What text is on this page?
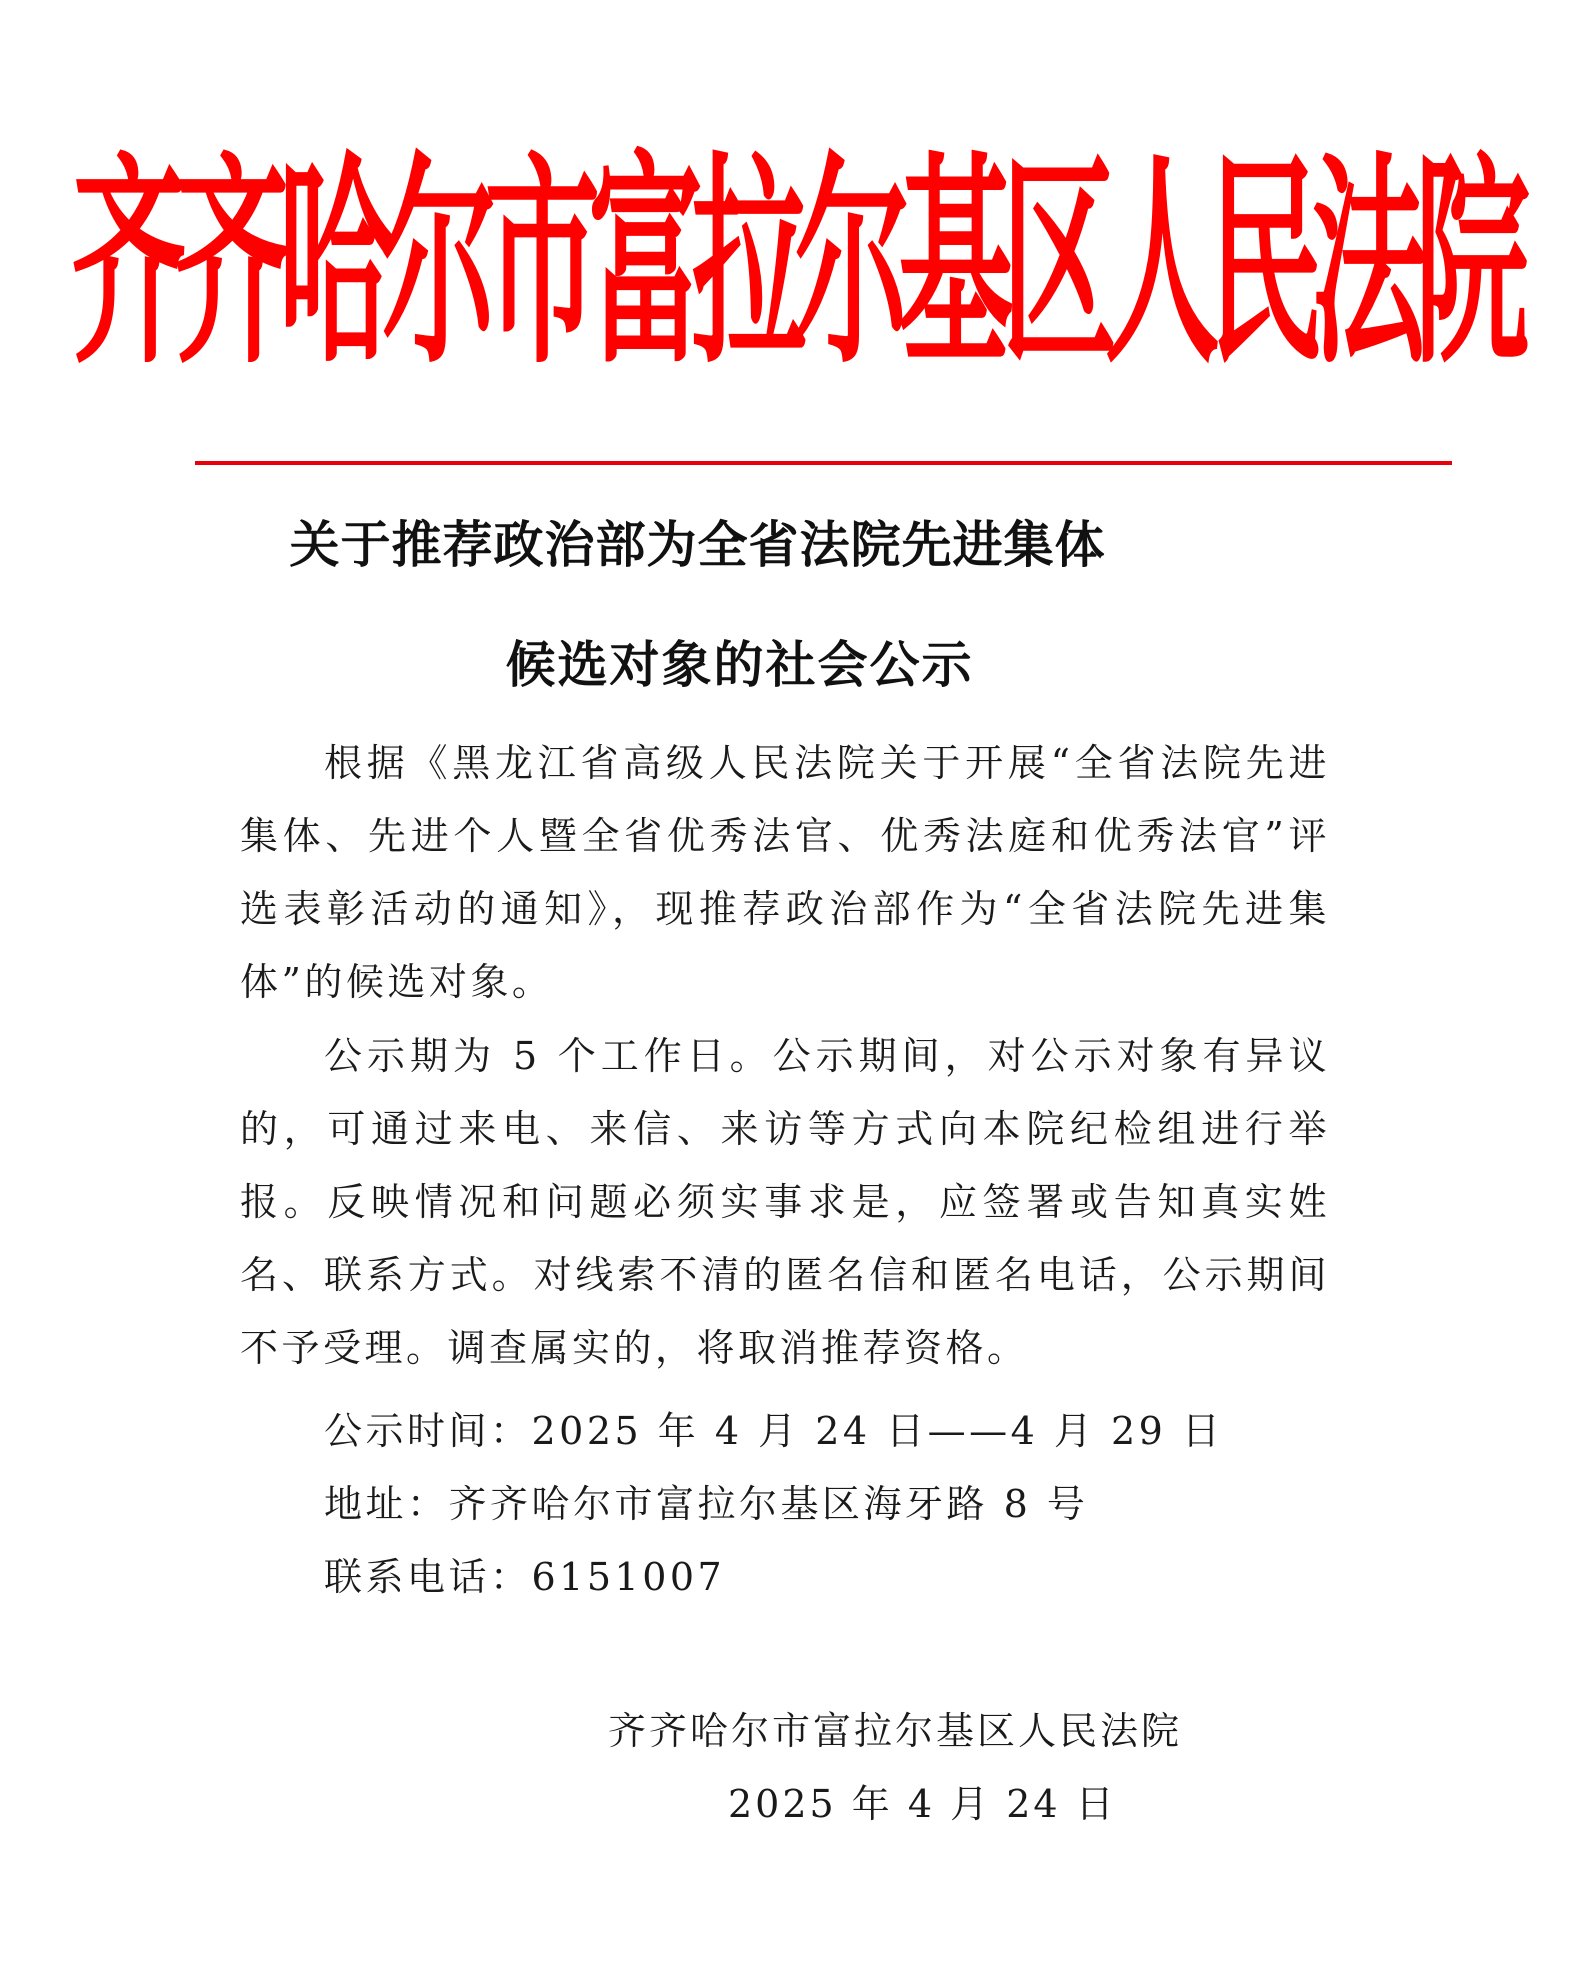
齐齐哈尔市富拉尔基区人民法院
关于推荐政治部为全省法院先进集体
候选对象的社会公示
根据《黑龙江省高级人民法院关于开展“全省法院先进集体、先进个人暨全省优秀法官、优秀法庭和优秀法官”评选表彰活动的通知》，现推荐政治部作为“全省法院先进集体”的候选对象。
公示期为 5 个工作日。公示期间，对公示对象有异议的，可通过来电、来信、来访等方式向本院纪检组进行举报。反映情况和问题必须实事求是，应签署或告知真实姓名、联系方式。对线索不清的匿名信和匿名电话，公示期间不予受理。调查属实的，将取消推荐资格。
公示时间：2025 年 4 月 24 日——4 月 29 日
地址：齐齐哈尔市富拉尔基区海牙路 8 号
联系电话：6151007
齐齐哈尔市富拉尔基区人民法院
2025 年 4 月 24 日
